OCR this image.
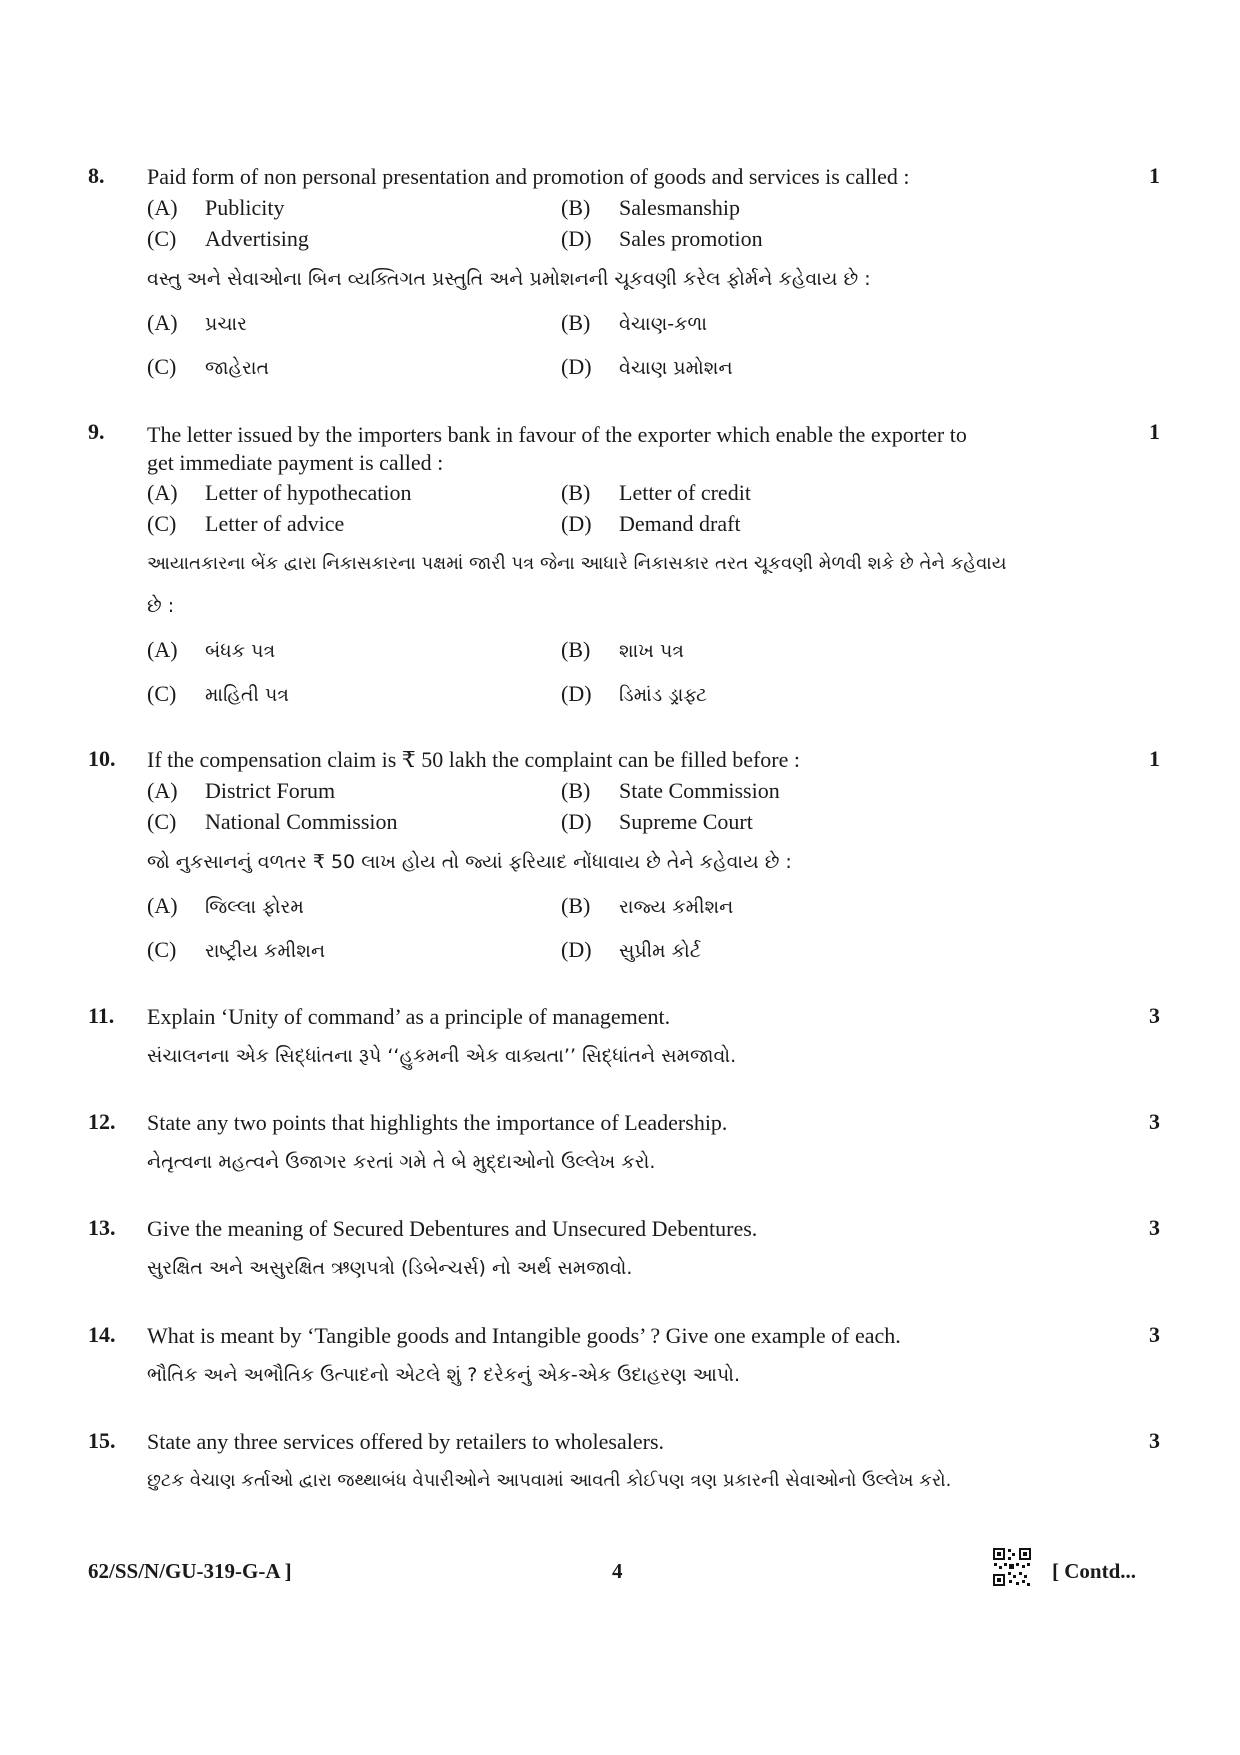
8.	1
Paid form of non personal presentation and promotion of goods and services is called :
(A) Publicity	(B) Salesmanship
(C) Advertising	(D) Sales promotion
વસ્તુ અને સેવાઓના બિન વ્યક્તિગત પ્રસ્તુતિ અને પ્રમોશનની ચૂકવણી કરેલ ફોર્મને કહેવાય છે :
(A) પ્રચાર	(B) વેચાણ-કળા
(C) જાહેરાત	(D) વેચાણ પ્રમોશન
9.	1
The letter issued by the importers bank in favour of the exporter which enable the exporter to
get immediate payment is called :
(A) Letter of hypothecation	(B) Letter of credit
(C) Letter of advice	(D) Demand draft
આયાતકારના બેંક દ્વારા નિકાસકારના પક્ષમાં જારી પત્ર જેના આધારે નિકાસકાર તરત ચૂકવણી મેળવી શકે છે તેને કહેવાય
છે :
(A) બંધક પત્ર	(B) શાખ પત્ર
(C) માહિતી પત્ર	(D) ડિમાંડ ડ્રાફ્ટ
10.	1
If the compensation claim is ₹ 50 lakh the complaint can be filled before :
(A) District Forum	(B) State Commission
(C) National Commission	(D) Supreme Court
જો નુકસાનનું વળતર ₹ 50 લાખ હોય તો જ્યાં ફરિયાદ નોંધાવાય છે તેને કહેવાય છે :
(A) જિલ્લા ફોરમ	(B) રાજ્ય કમીશન
(C) રાષ્ટ્રીય કમીશન	(D) સુપ્રીમ કોર્ટ
11.	3
Explain ‘Unity of command’ as a principle of management.
સંચાલનના એક સિદ્ધાંતના રૂપે ‘‘હુકમની એક વાક્યતા’’ સિદ્ધાંતને સમજાવો.
12.	3
State any two points that highlights the importance of Leadership.
નેતૃત્વના મહત્વને ઉજાગર કરતાં ગમે તે બે મુદ્દાઓનો ઉલ્લેખ કરો.
13.	3
Give the meaning of Secured Debentures and Unsecured Debentures.
સુરક્ષિત અને અસુરક્ષિત ઋણપત્રો (ડિબેન્ચર્સ) નો અર્થ સમજાવો.
14.	3
What is meant by ‘Tangible goods and Intangible goods’ ? Give one example of each.
ભૌતિક અને અભૌતિક ઉત્પાદનો એટલે શું ? દરેકનું એક-એક ઉદાહરણ આપો.
15.	3
State any three services offered by retailers to wholesalers.
છુટક વેચાણ કર્તાઓ દ્વારા જથ્થાબંધ વેપારીઓને આપવામાં આવતી કોઈપણ ત્રણ પ્રકારની સેવાઓનો ઉલ્લેખ કરો.
62/SS/N/GU-319-G-A ]	4	[ Contd...
